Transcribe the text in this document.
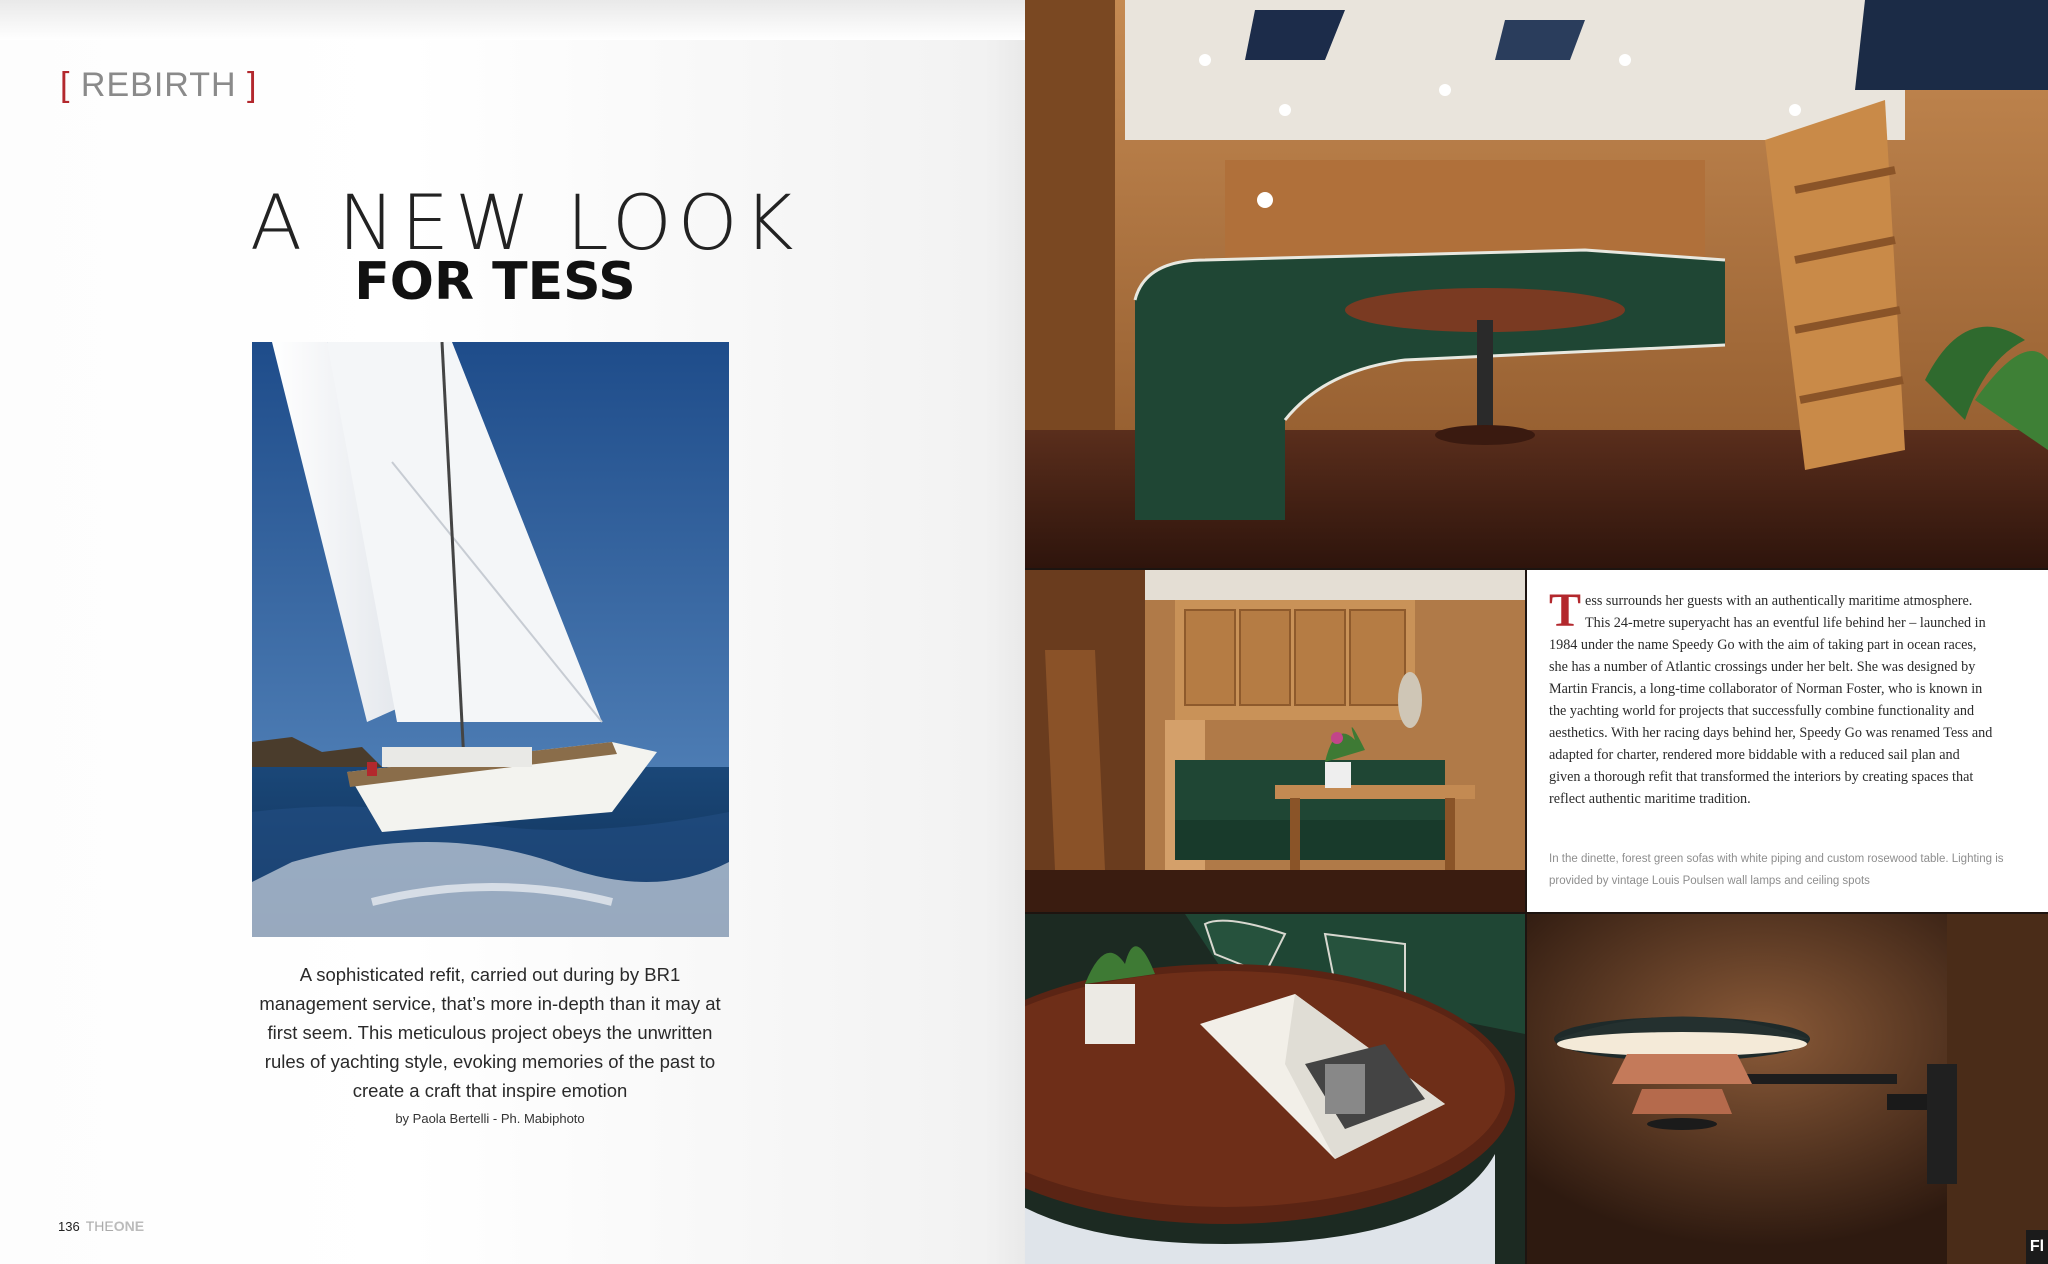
[ REBIRTH ]
A NEW LOOK
FOR TESS
A sophisticated refit, carried out during by BR1 management service, that’s more in-depth than it may at first seem. This meticulous project obeys the unwritten rules of yachting style, evoking memories of the past to create a craft that inspire emotion
by Paola Bertelli - Ph. Mabiphoto
136 THEONE
Tess surrounds her guests with an authentically maritime atmosphere. This 24-metre superyacht has an eventful life behind her – launched in 1984 under the name Speedy Go with the aim of taking part in ocean races, she has a number of Atlantic crossings under her belt. She was designed by Martin Francis, a long-time collaborator of Norman Foster, who is known in the yachting world for projects that successfully combine functionality and aesthetics. With her racing days behind her, Speedy Go was renamed Tess and adapted for charter, rendered more biddable with a reduced sail plan and given a thorough refit that transformed the interiors by creating spaces that reflect authentic maritime tradition.
In the dinette, forest green sofas with white piping and custom rosewood table. Lighting is provided by vintage Louis Poulsen wall lamps and ceiling spots
Fl
